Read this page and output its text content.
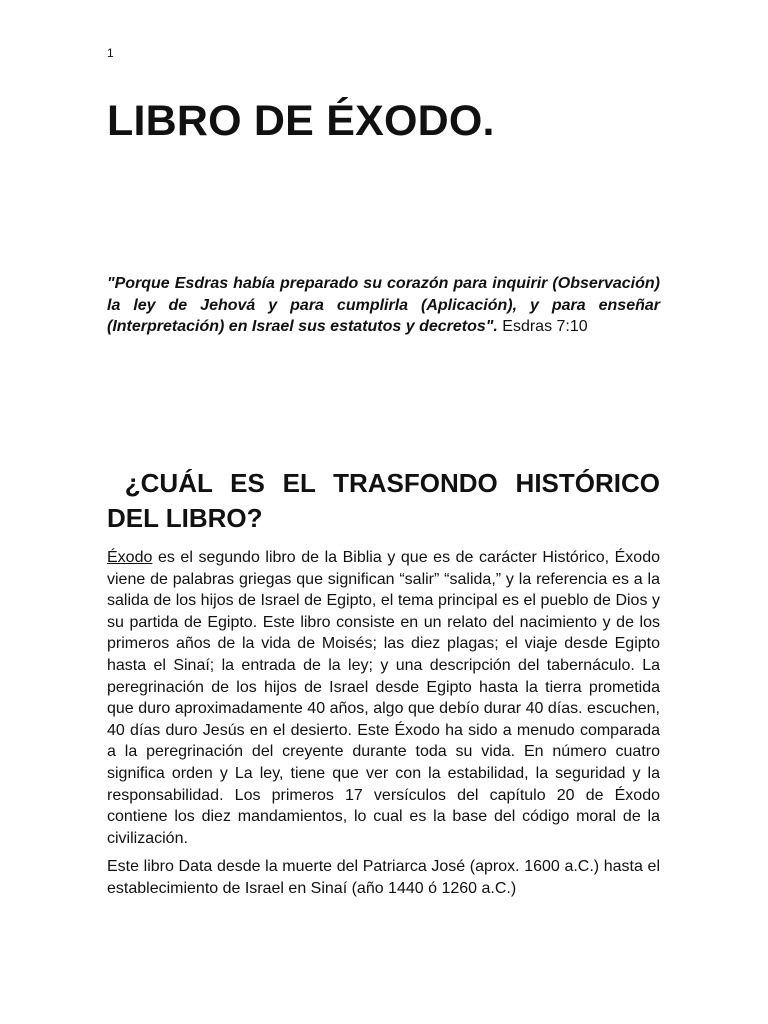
1
LIBRO DE ÉXODO.

"Porque Esdras había preparado su corazón para inquirir (Observación) la ley de Jehová y para cumplirla (Aplicación), y para enseñar (Interpretación) en Israel sus estatutos y decretos". Esdras 7:10

¿CUÁL ES EL TRASFONDO HISTÓRICO DEL LIBRO?

Éxodo es el segundo libro de la Biblia y que es de carácter Histórico, Éxodo viene de palabras griegas que significan “salir” “salida,” y la referencia es a la salida de los hijos de Israel de Egipto, el tema principal es el pueblo de Dios y su partida de Egipto. Este libro consiste en un relato del nacimiento y de los primeros años de la vida de Moisés; las diez plagas; el viaje desde Egipto hasta el Sinaí; la entrada de la ley; y una descripción del tabernáculo. La peregrinación de los hijos de Israel desde Egipto hasta la tierra prometida que duro aproximadamente 40 años, algo que debío durar 40 días. escuchen, 40 días duro Jesús en el desierto. Este Éxodo ha sido a menudo comparada a la peregrinación del creyente durante toda su vida. En número cuatro significa orden y La ley, tiene que ver con la estabilidad, la seguridad y la responsabilidad. Los primeros 17 versículos del capítulo 20 de Éxodo contiene los diez mandamientos, lo cual es la base del código moral de la civilización.

Este libro Data desde la muerte del Patriarca José (aprox. 1600 a.C.) hasta el establecimiento de Israel en Sinaí (año 1440 ó 1260 a.C.)
